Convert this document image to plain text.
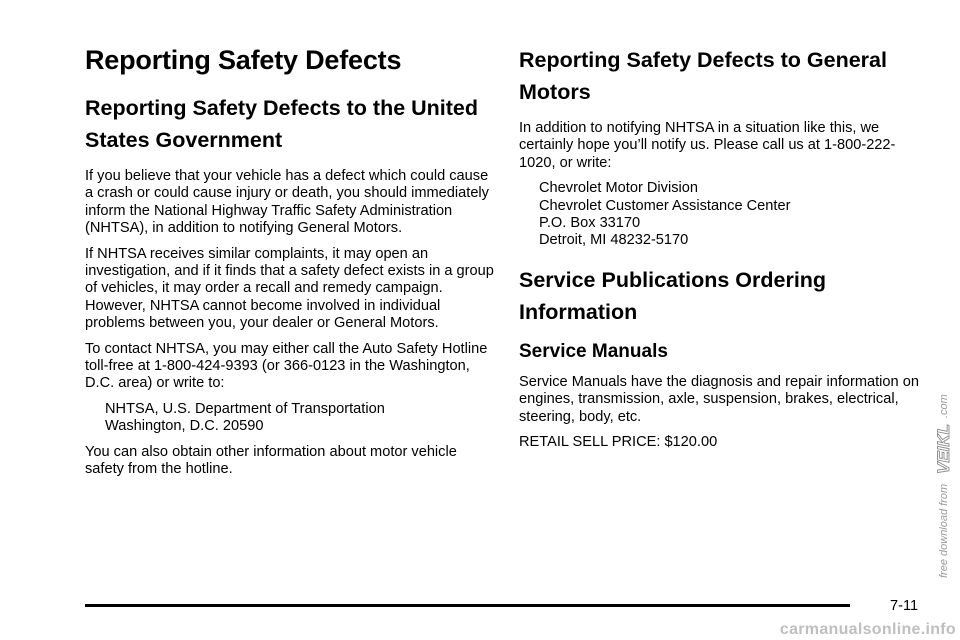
Reporting Safety Defects
Reporting Safety Defects to the United States Government

If you believe that your vehicle has a defect which could cause a crash or could cause injury or death, you should immediately inform the National Highway Traffic Safety Administration (NHTSA), in addition to notifying General Motors.

If NHTSA receives similar complaints, it may open an investigation, and if it finds that a safety defect exists in a group of vehicles, it may order a recall and remedy campaign. However, NHTSA cannot become involved in individual problems between you, your dealer or General Motors.

To contact NHTSA, you may either call the Auto Safety Hotline toll-free at 1-800-424-9393 (or 366-0123 in the Washington, D.C. area) or write to:

NHTSA, U.S. Department of Transportation
Washington, D.C. 20590

You can also obtain other information about motor vehicle safety from the hotline.

Reporting Safety Defects to General Motors

In addition to notifying NHTSA in a situation like this, we certainly hope you’ll notify us. Please call us at 1-800-222-1020, or write:

Chevrolet Motor Division
Chevrolet Customer Assistance Center
P.O. Box 33170
Detroit, MI 48232-5170
Service Publications Ordering Information
Service Manuals

Service Manuals have the diagnosis and repair information on engines, transmission, axle, suspension, brakes, electrical, steering, body, etc.

RETAIL SELL PRICE: $120.00

7-11
free download from
VEIKL
.com
carmanualsonline.info
